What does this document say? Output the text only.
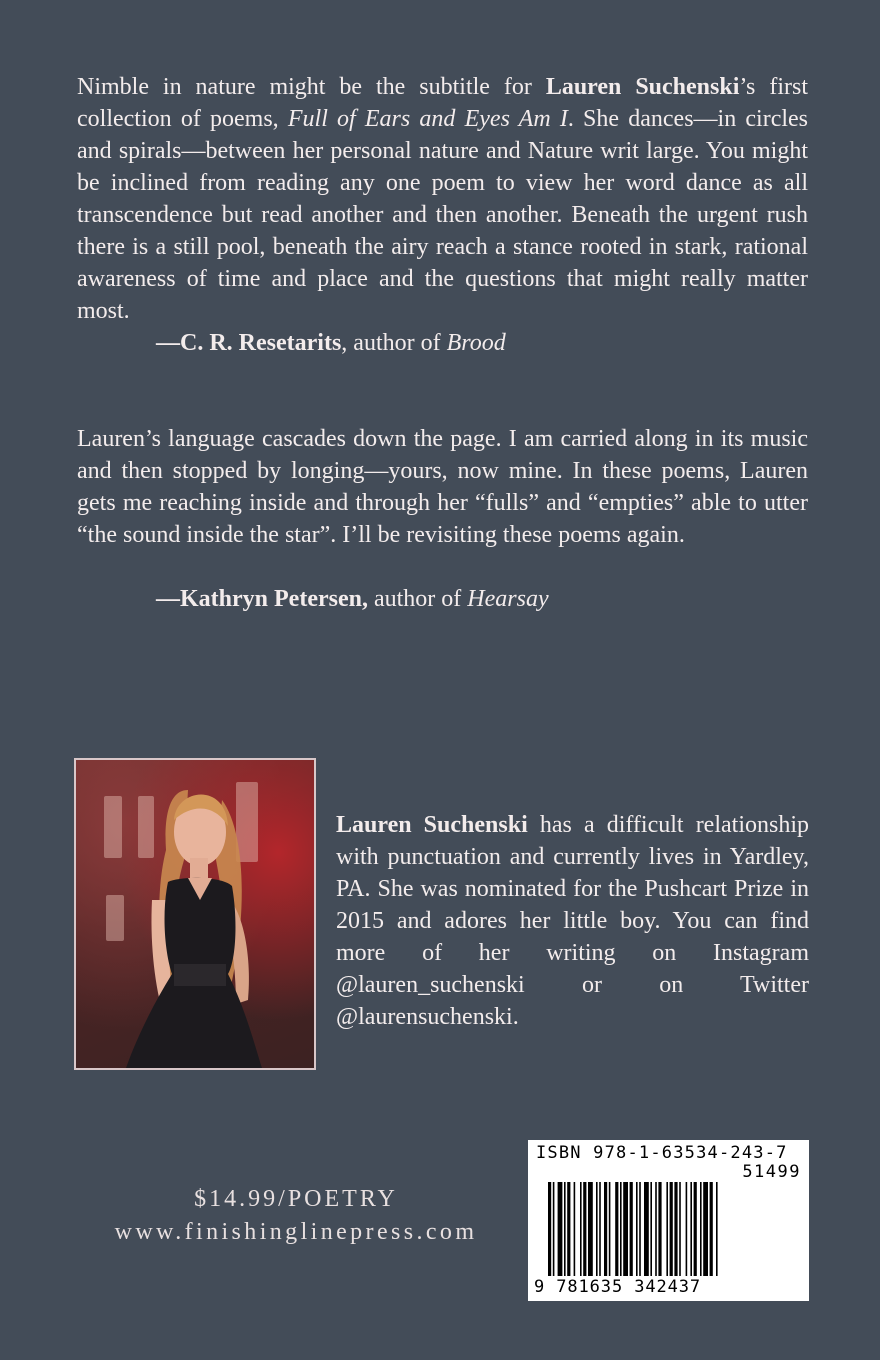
Nimble in nature might be the subtitle for Lauren Suchenski’s first collection of poems, Full of Ears and Eyes Am I. She dances—in circles and spirals—between her personal nature and Nature writ large. You might be inclined from reading any one poem to view her word dance as all transcendence but read another and then another. Beneath the urgent rush there is a still pool, beneath the airy reach a stance rooted in stark, rational awareness of time and place and the questions that might really matter most.

—C. R. Resetarits, author of Brood

Lauren’s language cascades down the page. I am carried along in its music and then stopped by longing—yours, now mine. In these poems, Lauren gets me reaching inside and through her “fulls” and “empties” able to utter “the sound inside the star”. I’ll be revisiting these poems again.

—Kathryn Petersen, author of Hearsay

Lauren Suchenski has a difficult relationship with punctuation and currently lives in Yardley, PA. She was nominated for the Pushcart Prize in 2015 and adores her little boy. You can find more of her writing on Instagram @lauren_suchenski or on Twitter @laurensuchenski.

$14.99/POETRY
www.finishinglinepress.com
ISBN 978-1-63534-243-7
51499
9 781635 342437
